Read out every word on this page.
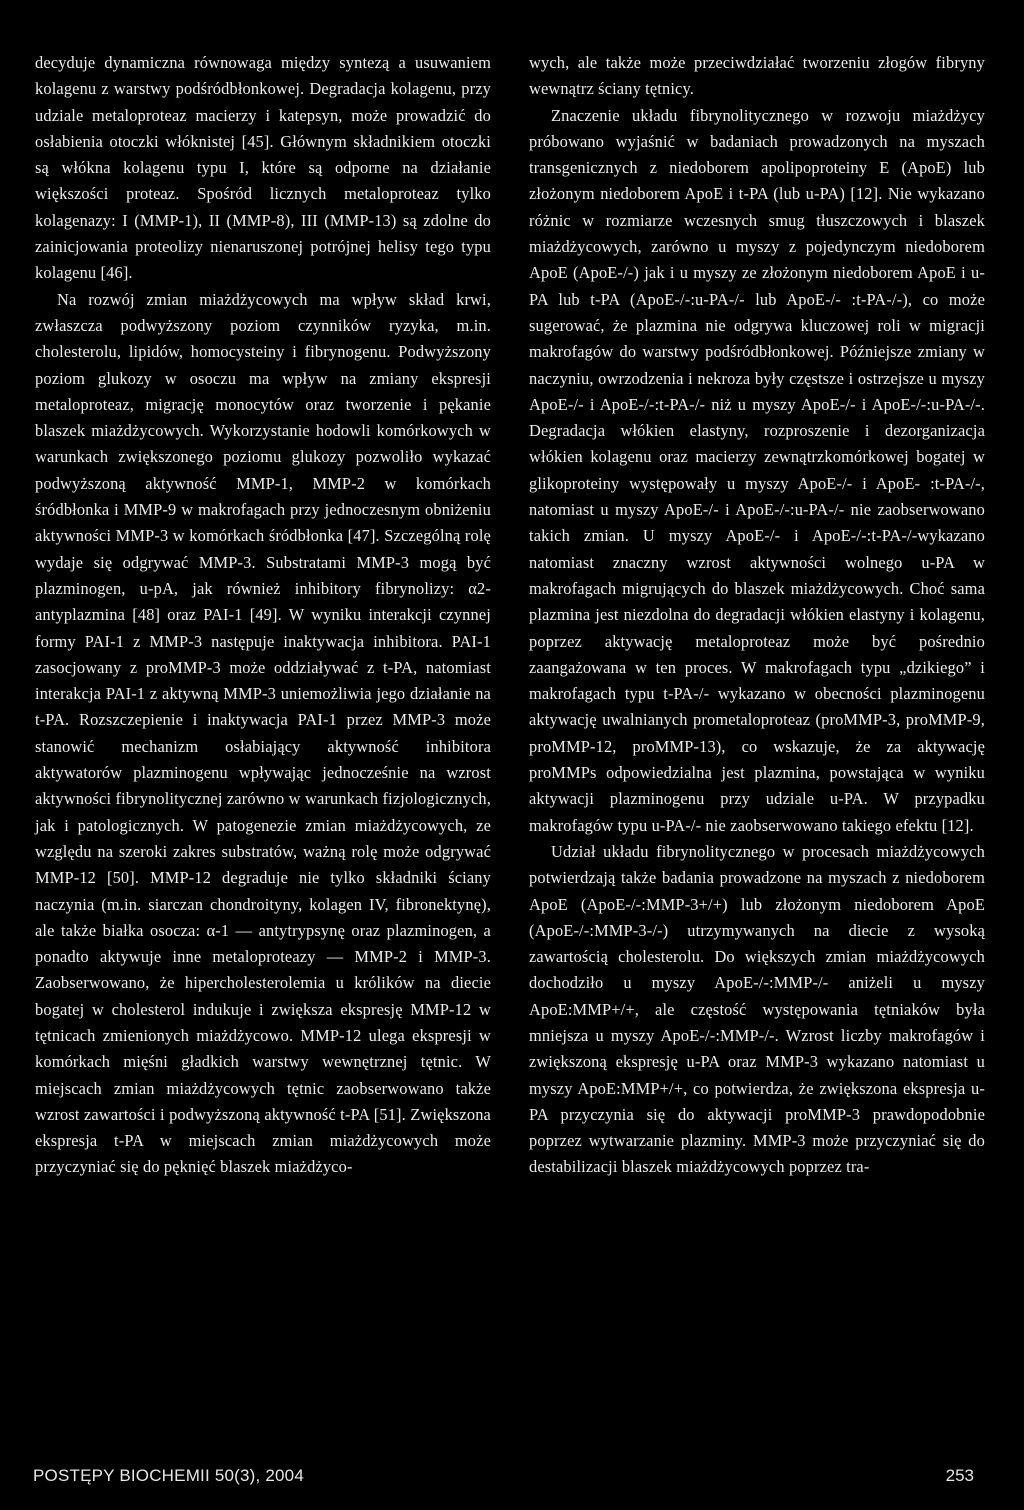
decyduje dynamiczna równowaga między syntezą a usuwaniem kolagenu z warstwy podśródbłonkowej. Degradacja kolagenu, przy udziale metaloproteaz macierzy i katepsyn, może prowadzić do osłabienia otoczki włóknistej [45]. Głównym składnikiem otoczki są włókna kolagenu typu I, które są odporne na działanie większości proteaz. Spośród licznych metaloproteaz tylko kolagenazy: I (MMP-1), II (MMP-8), III (MMP-13) są zdolne do zainicjowania proteolizy nienaruszonej potrójnej helisy tego typu kolagenu [46].

Na rozwój zmian miażdżycowych ma wpływ skład krwi, zwłaszcza podwyższony poziom czynników ryzyka, m.in. cholesterolu, lipidów, homocysteiny i fibrynogenu. Podwyższony poziom glukozy w osoczu ma wpływ na zmiany ekspresji metaloproteaz, migrację monocytów oraz tworzenie i pękanie blaszek miażdżycowych. Wykorzystanie hodowli komórkowych w warunkach zwiększonego poziomu glukozy pozwoliło wykazać podwyższoną aktywność MMP-1, MMP-2 w komórkach śródbłonka i MMP-9 w makrofagach przy jednoczesnym obniżeniu aktywności MMP-3 w komórkach śródbłonka [47]. Szczególną rolę wydaje się odgrywać MMP-3. Substratami MMP-3 mogą być plazminogen, u-pA, jak również inhibitory fibrynolizy: α2-antyplazmina [48] oraz PAI-1 [49]. W wyniku interakcji czynnej formy PAI-1 z MMP-3 następuje inaktywacja inhibitora. PAI-1 zasocjowany z proMMP-3 może oddziaływać z t-PA, natomiast interakcja PAI-1 z aktywną MMP-3 uniemożliwia jego działanie na t-PA. Rozszczepienie i inaktywacja PAI-1 przez MMP-3 może stanowić mechanizm osłabiający aktywność inhibitora aktywatorów plazminogenu wpływając jednocześnie na wzrost aktywności fibrynolitycznej zarówno w warunkach fizjologicznych, jak i patologicznych. W patogenezie zmian miażdżycowych, ze względu na szeroki zakres substratów, ważną rolę może odgrywać MMP-12 [50]. MMP-12 degraduje nie tylko składniki ściany naczynia (m.in. siarczan chondroityny, kolagen IV, fibronektynę), ale także białka osocza: α-1 — antytrypsynę oraz plazminogen, a ponadto aktywuje inne metaloproteazy — MMP-2 i MMP-3. Zaobserwowano, że hipercholesterolemia u królików na diecie bogatej w cholesterol indukuje i zwiększa ekspresję MMP-12 w tętnicach zmienionych miażdżycowo. MMP-12 ulega ekspresji w komórkach mięśni gładkich warstwy wewnętrznej tętnic. W miejscach zmian miażdżycowych tętnic zaobserwowano także wzrost zawartości i podwyższoną aktywność t-PA [51]. Zwiększona ekspresja t-PA w miejscach zmian miażdżycowych może przyczyniać się do pęknięć blaszek miażdżyco-

wych, ale także może przeciwdziałać tworzeniu złogów fibryny wewnątrz ściany tętnicy.

Znaczenie układu fibrynolitycznego w rozwoju miażdżycy próbowano wyjaśnić w badaniach prowadzonych na myszach transgenicznych z niedoborem apolipoproteiny E (ApoE) lub złożonym niedoborem ApoE i t-PA (lub u-PA) [12]. Nie wykazano różnic w rozmiarze wczesnych smug tłuszczowych i blaszek miażdżycowych, zarówno u myszy z pojedynczym niedoborem ApoE (ApoE-/-) jak i u myszy ze złożonym niedoborem ApoE i u-PA lub t-PA (ApoE-/-:u-PA-/- lub ApoE-/- :t-PA-/-), co może sugerować, że plazmina nie odgrywa kluczowej roli w migracji makrofagów do warstwy podśródbłonkowej. Późniejsze zmiany w naczyniu, owrzodzenia i nekroza były częstsze i ostrzejsze u myszy ApoE-/- i ApoE-/-:t-PA-/- niż u myszy ApoE-/- i ApoE-/-:u-PA-/-. Degradacja włókien elastyny, rozproszenie i dezorganizacja włókien kolagenu oraz macierzy zewnątrzkomórkowej bogatej w glikoproteiny występowały u myszy ApoE-/- i ApoE- :t-PA-/-, natomiast u myszy ApoE-/- i ApoE-/-:u-PA-/- nie zaobserwowano takich zmian. U myszy ApoE-/- i ApoE-/-:t-PA-/-wykazano natomiast znaczny wzrost aktywności wolnego u-PA w makrofagach migrujących do blaszek miażdżycowych. Choć sama plazmina jest niezdolna do degradacji włókien elastyny i kolagenu, poprzez aktywację metaloproteaz może być pośrednio zaangażowana w ten proces. W makrofagach typu „dzikiego” i makrofagach typu t-PA-/- wykazano w obecności plazminogenu aktywację uwalnianych prometaloproteaz (proMMP-3, proMMP-9, proMMP-12, proMMP-13), co wskazuje, że za aktywację proMMPs odpowiedzialna jest plazmina, powstająca w wyniku aktywacji plazminogenu przy udziale u-PA. W przypadku makrofagów typu u-PA-/- nie zaobserwowano takiego efektu [12].

Udział układu fibrynolitycznego w procesach miażdżycowych potwierdzają także badania prowadzone na myszach z niedoborem ApoE (ApoE-/-:MMP-3+/+) lub złożonym niedoborem ApoE (ApoE-/-:MMP-3-/-) utrzymywanych na diecie z wysoką zawartością cholesterolu. Do większych zmian miażdżycowych dochodziło u myszy ApoE-/-:MMP-/- aniżeli u myszy ApoE:MMP+/+, ale częstość występowania tętniaków była mniejsza u myszy ApoE-/-:MMP-/-. Wzrost liczby makrofagów i zwiększoną ekspresję u-PA oraz MMP-3 wykazano natomiast u myszy ApoE:MMP+/+, co potwierdza, że zwiększona ekspresja u-PA przyczynia się do aktywacji proMMP-3 prawdopodobnie poprzez wytwarzanie plazminy. MMP-3 może przyczyniać się do destabilizacji blaszek miażdżycowych poprzez tra-

POSTĘPY BIOCHEMII 50(3), 2004	253
